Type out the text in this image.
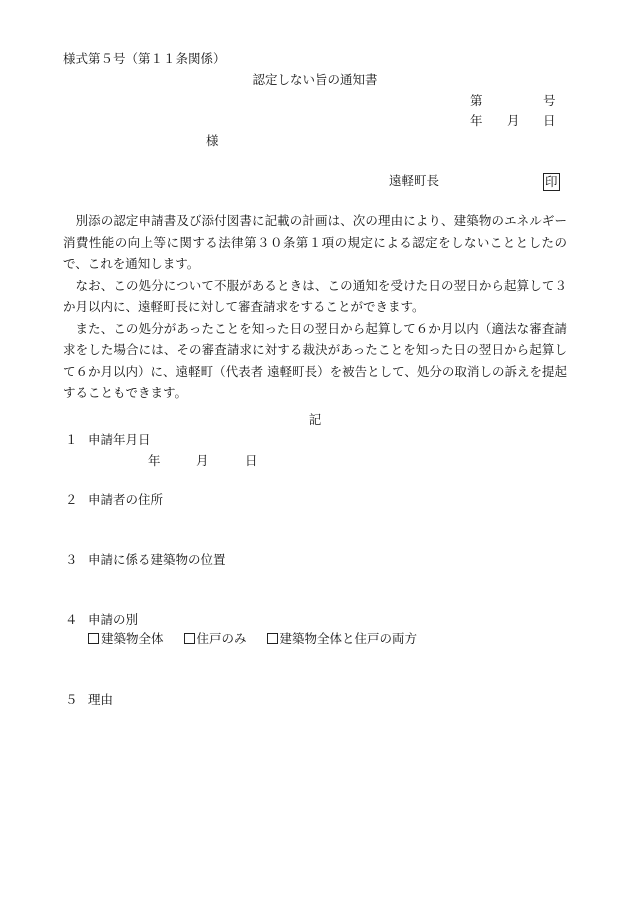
様式第５号（第１１条関係）
認定しない旨の通知書
第	号
年 月 日
様
遠軽町長	印

別添の認定申請書及び添付図書に記載の計画は、次の理由により、建築物のエネルギー消費性能の向上等に関する法律第３０条第１項の規定による認定をしないこととしたので、これを通知します。

なお、この処分について不服があるときは、この通知を受けた日の翌日から起算して３か月以内に、遠軽町長に対して審査請求をすることができます。

また、この処分があったことを知った日の翌日から起算して６か月以内（適法な審査請求をした場合には、その審査請求に対する裁決があったことを知った日の翌日から起算して６か月以内）に、遠軽町（代表者 遠軽町長）を被告として、処分の取消しの訴えを提起することもできます。

記
１ 申請年月日
年	月	日
２ 申請者の住所
３ 申請に係る建築物の位置
４ 申請の別
建築物全体	住戸のみ	建築物全体と住戸の両方
５ 理由
